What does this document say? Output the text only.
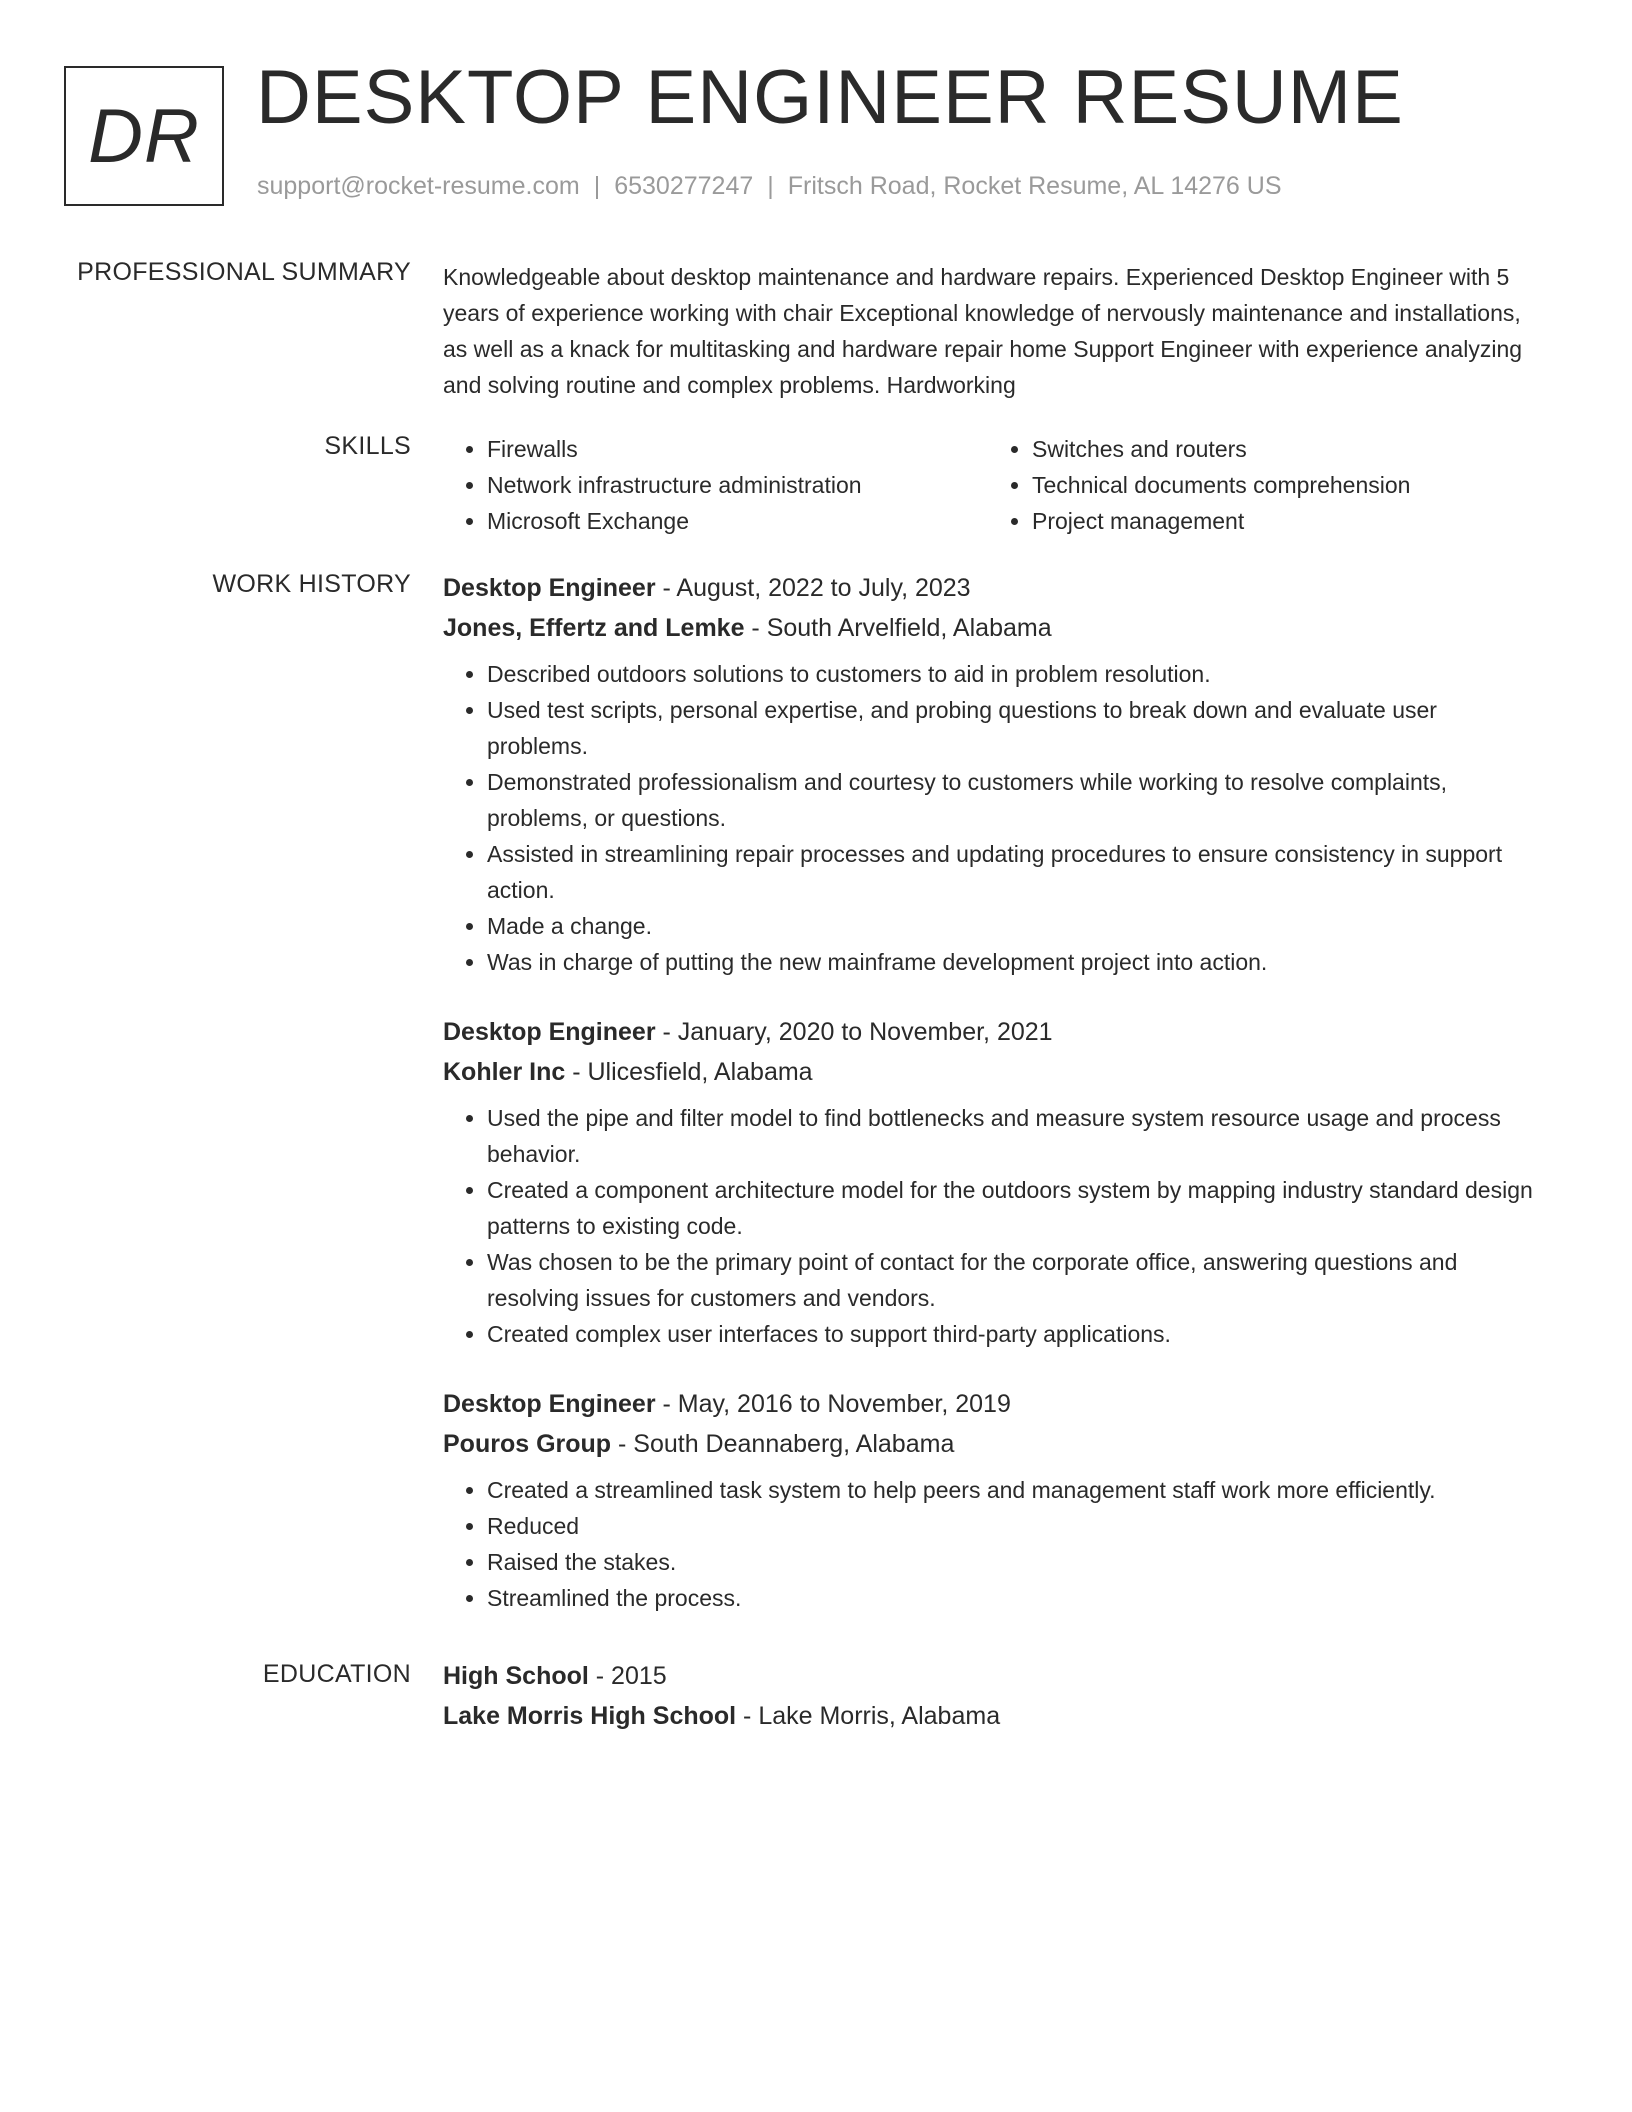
DR DESKTOP ENGINEER RESUME
support@rocket-resume.com | 6530277247 | Fritsch Road, Rocket Resume, AL 14276 US
PROFESSIONAL SUMMARY Knowledgeable about desktop maintenance and hardware repairs. Experienced Desktop Engineer with 5 years of experience working with chair Exceptional knowledge of nervously maintenance and installations, as well as a knack for multitasking and hardware repair home Support Engineer with experience analyzing and solving routine and complex problems. Hardworking

SKILLS
•	Firewalls
• Network infrastructure administration
• Microsoft Exchange
• Switches and routers
• Technical documents comprehension
• Project management
WORK HISTORY Desktop Engineer - August, 2022 to July, 2023
Jones, Effertz and Lemke - South Arvelfield, Alabama
• Described outdoors solutions to customers to aid in problem resolution.
• Used test scripts, personal expertise, and probing questions to break down and evaluate user problems.
• Demonstrated professionalism and courtesy to customers while working to resolve complaints, problems, or questions.
• Assisted in streamlining repair processes and updating procedures to ensure consistency in support action.
• Made a change.
• Was in charge of putting the new mainframe development project into action.
Desktop Engineer - January, 2020 to November, 2021
Kohler Inc - Ulicesfield, Alabama
• Used the pipe and filter model to find bottlenecks and measure system resource usage and process behavior.
• Created a component architecture model for the outdoors system by mapping industry standard design patterns to existing code.
• Was chosen to be the primary point of contact for the corporate office, answering questions and resolving issues for customers and vendors.
• Created complex user interfaces to support third-party applications.
Desktop Engineer - May, 2016 to November, 2019
Pouros Group - South Deannaberg, Alabama
• Created a streamlined task system to help peers and management staff work more efficiently.
• Reduced
• Raised the stakes.
• Streamlined the process.
EDUCATION High School - 2015
Lake Morris High School - Lake Morris, Alabama
